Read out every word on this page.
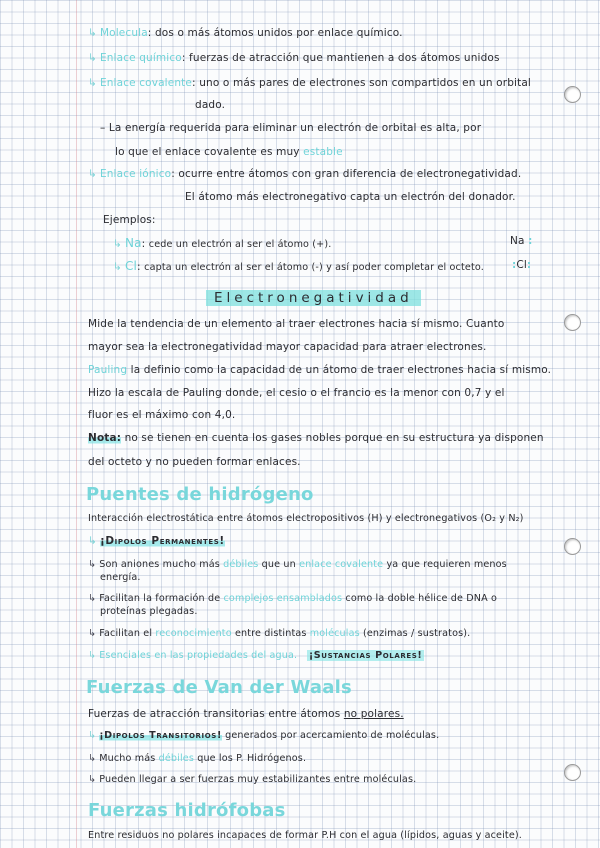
↳ Molecula: dos o más átomos unidos por enlace químico.
↳ Enlace químico: fuerzas de atracción que mantienen a dos átomos unidos
↳ Enlace covalente: uno o más pares de electrones son compartidos en un orbital
dado.
– La energía requerida para eliminar un electrón de orbital es alta, por
lo que el enlace covalente es muy estable
↳ Enlace iónico: ocurre entre átomos con gran diferencia de electronegatividad.
El átomo más electronegativo capta un electrón del donador.
Ejemplos:
↳ Na: cede un electrón al ser el átomo (+).
↳ Cl: capta un electrón al ser el átomo (-) y así poder completar el octeto.
Na :
:Cl:
Electronegatividad
Mide la tendencia de un elemento al traer electrones hacia sí mismo. Cuanto
mayor sea la electronegatividad mayor capacidad para atraer electrones.
Pauling la definio como la capacidad de un átomo de traer electrones hacia sí mismo.
Hizo la escala de Pauling donde, el cesio o el francio es la menor con 0,7 y el
fluor es el máximo con 4,0.
Nota: no se tienen en cuenta los gases nobles porque en su estructura ya disponen
del octeto y no pueden formar enlaces.
Puentes de hidrógeno
Interacción electrostática entre átomos electropositivos (H) y electronegativos (O₂ y N₂)
↳ ¡Dipolos Permanentes!
↳ Son aniones mucho más débiles que un enlace covalente ya que requieren menos
energía.
↳ Facilitan la formación de complejos ensamblados como la doble hélice de DNA o
proteínas plegadas.
↳ Facilitan el reconocimiento entre distintas moléculas (enzimas / sustratos).
↳ Esenciales en las propiedades del agua. ¡Sustancias Polares!
Fuerzas de Van der Waals
Fuerzas de atracción transitorias entre átomos no polares.
↳ ¡Dipolos Transitorios! generados por acercamiento de moléculas.
↳ Mucho más débiles que los P. Hidrógenos.
↳ Pueden llegar a ser fuerzas muy estabilizantes entre moléculas.
Fuerzas hidrófobas
Entre residuos no polares incapaces de formar P.H con el agua (lípidos, aguas y aceite).
